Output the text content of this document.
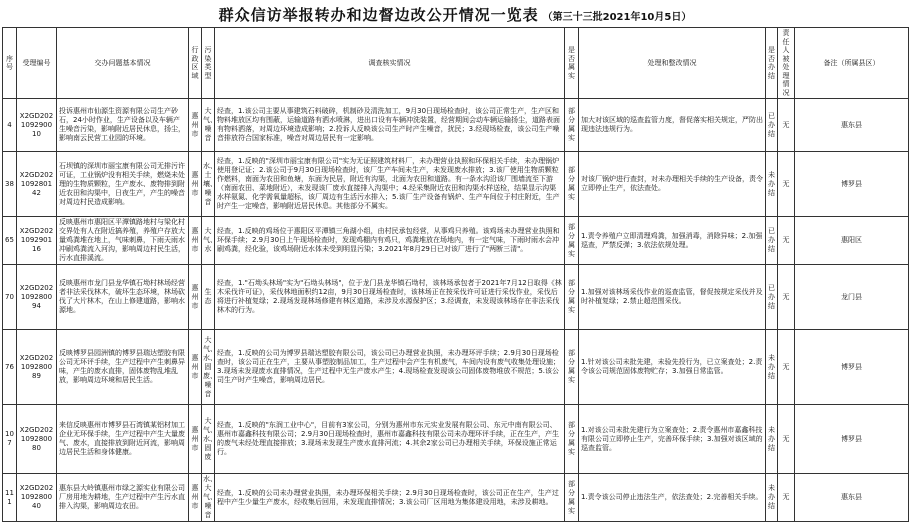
群众信访举报转办和边督边改公开情况一览表 （第三十三批2021年10月5日）
序号	受理编号	交办问题基本情况	行政区域	污染类型	调查核实情况	是否属实	处理和整改情况	是否办结	责任人被处理情况	备注（所属县区）
4	X2GD202109290010	投诉惠州市仙源生资源有限公司生产砂石，24小时作业，生产设备以及车辆产生噪音污染，影响附近居民休息，扬尘，影响南云民营工业园的环境。	惠州市	大气、噪音	经查，1.该公司主要从事建筑石料破碎，机制砂及清洗加工，9月30日现场检查时，该公司正常生产，生产区和物料堆放区均有围蔽，运输道路有洒水喷淋，进出口设有车辆冲洗装置，经营期间会动车辆运输扬尘，道路表面有物料洒落，对周边环境造成影响；2.投诉人反映该公司生产时产生噪音，扰民；3.经现场检查，该公司生产噪音排放符合国家标准，噪音对周边居民有一定影响。	部分属实	加大对该区域的巡查监管力度，督促落实相关规定，严防出现违法违规行为。	已办结	无	惠东县
38	X2GD202109280142	石坝镇的深圳市丽宝康有限公司无排污许可证，工业锅炉没有相关手续，燃烧未处理的生物质颗粒，生产废水、废物排到附近农田和沟渠中，日夜生产，产生的噪音对周边村民造成影响。	惠州市	水、土壤、噪音	经查，1.反映的"深圳市丽宝康有限公司"实为无证照建筑材料厂，未办理营业执照和环保相关手续，未办理锅炉使用登记证；2.该公司于9月30日现场检查时，该厂生产车间未生产，未发现废水排放；3.该厂使用生物质颗粒作燃料，南面为农田和鱼塘，东面为民居，附近有沟渠，北面为农田和道路。有一条水沟沿该厂围墙流至下游（南面农田、菜地附近），未发现该厂废水直接排入沟渠中；4.经采集附近农田和沟渠水样送检，结果显示沟渠水样氨氮、化学需氧量超标，该厂周边有生活污水排入；5.该厂生产设备有锅炉、生产车间位于村庄附近，生产时产生一定噪音，影响附近居民休息。其他部分不属实。	部分属实	对该厂锅炉进行查封，对未办理相关手续的生产设备，责令立即停止生产，依法查处。	未办结	无	博罗县
65	X2GD202109290116	反映惠州市惠阳区平潭镇路地村与梁化村交界处有人在附近搞养殖，养殖户存放大量鸡粪堆在地上，气味刺鼻，下雨天雨水冲刷鸡粪流入河沟，影响周边村民生活，污水直排溪流。	惠州市	大气、水	经查，1.反映的鸡场位于惠阳区平潭镇三角湖小组，由村民承包经营，从事鸡只养殖。该鸡场未办理营业执照和环保手续；2.9月30日上午现场检查时，发现鸡棚内有鸡只，鸡粪堆放在场地内，有一定气味，下雨时雨水会冲刷鸡粪，经化验，该鸡场附近水体未受到明显污染；3.2021年8月29日已对该厂进行了"两断三清"。	部分属实	1.责令养殖户立即清理鸡粪，加强消毒，消除异味；2.加强巡查，严禁反弹；3.依法依规处理。	已办结	无	惠阳区
70	X2GD202109280094	反映惠州市龙门县龙华镇石坳村林场经营者非法采伐林木，破坏生态环境，林场砍伐了大片林木，在山上修建道路，影响水源地。	惠州市	生态	经查，1."石坳头林场"实为"石坳头林场"，位于龙门县龙华镇石坳村，该林场承包者于2021年7月12日取得《林木采伐许可证》，采伐林地面积约12亩，9月30日现场检查时，该林场正在按采伐许可证进行采伐作业，采伐后将进行补植复绿；2.现场发现林场修建有林区道路，未涉及水源保护区；3.经调查，未发现该林场存在非法采伐林木的行为。	部分属实	1.加强对该林场采伐作业的巡查监管，督促按规定采伐并及时补植复绿；2.禁止超范围采伐。	已办结	无	龙门县
76	X2GD202109280089	反映博罗县园洲镇的博罗县瑞达塑胶有限公司无环评手续，生产过程中产生刺鼻异味，产生的废水直排，固体废物乱堆乱放，影响周边环境和居民生活。	惠州市	大气、水、固废、噪音	经查，1.反映的公司为博罗县瑞达塑胶有限公司，该公司已办理营业执照，未办理环评手续；2.9月30日现场检查时，该公司正在生产，主要从事塑胶制品加工，生产过程中会产生有机废气，车间内设有废气收集处理设施；3.现场未发现废水直排情况，生产过程中无生产废水产生；4.现场检查发现该公司固体废物堆放不规范；5.该公司生产时产生噪音，影响周边居民。	部分属实	1.针对该公司未批先建，未验先投行为，已立案查处；2.责令该公司规范固体废物贮存；3.加强日常监管。	未办结	无	博罗县
107	X2GD202109280080	来信反映惠州市博罗县石湾镇某铝材加工企业无环保手续，生产过程中产生大量废气、废水，直接排放到附近河流，影响周边居民生活和身体健康。	惠州市	大气、水、固废	经查，1.反映的"东润工业中心"，目前有3家公司，分别为惠州市东元实业发展有限公司、东元中南有限公司、惠州市嘉鑫科技有限公司；2.9月30日现场检查时，惠州市嘉鑫科技有限公司未办理环评手续，正在生产，产生的废气未经处理直接排放；3.现场未发现生产废水直排河流；4.其余2家公司已办理相关手续，环保设施正常运行。	部分属实	1.对该公司未批先建行为立案查处；2.责令惠州市嘉鑫科技有限公司立即停止生产，完善环保手续；3.加强对该区域的巡查监管。	未办结	无	博罗县
111	X2GD202109280040	惠东县大岭镇惠州市绿之源实业有限公司厂房用地为耕地，生产过程中产生污水直排入沟渠，影响周边农田。	惠州市	水、大气、噪音	经查，1.反映的公司未办理营业执照，未办理环保相关手续；2.9月30日现场检查时，该公司正在生产，生产过程中产生少量生产废水，经收集后回用，未发现直排情况；3.该公司厂区用地为集体建设用地，未涉及耕地。	部分属实	1.责令该公司停止违法生产，依法查处；2.完善相关手续。	未办结	无	惠东县
